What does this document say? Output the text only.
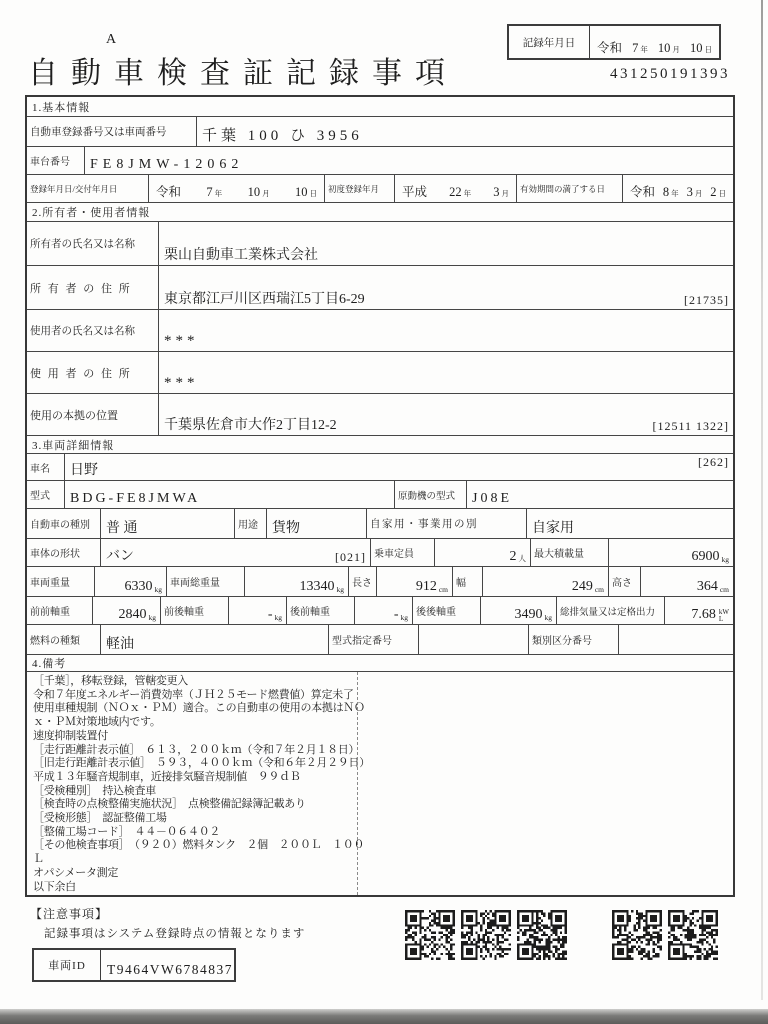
A
自動車検査証記録事項
記録年月日	令和 7 年 10 月 10 日
431250191393
1.基本情報
自動車登録番号又は車両番号	千葉 100 ひ 3956
車台番号	FE8JMW-12062
登録年月日/交付年月日	令和 7 年 10 月 10 日	初度登録年月	平成 22 年 3 月	有効期間の満了する日	令和 8 年 3 月 2 日
2.所有者・使用者情報
所有者の氏名又は名称
栗山自動車工業株式会社
所 有 者 の 住 所
東京都江戸川区西瑞江5丁目6-29	[21735]
使用者の氏名又は名称
***
使 用 者 の 住 所
***
使用の本拠の位置
千葉県佐倉市大作2丁目12-2	[12511 1322]
3.車両詳細情報
車名	日野
[262]
型式	BDG-FE8JMWA	原動機の型式	J08E
自動車の種別	普 通	用途	貨物	自家用・事業用の別	自家用
車体の形状	バン	[021] 乗車定員	2 人 最大積載量	6900 kg
車両重量	6330 kg 車両総重量	13340 kg 長さ	912 cm 幅	249 cm 高さ	364 cm
前前軸重	2840 kg 前後軸重	- kg 後前軸重	- kg 後後軸重	3490 kg 総排気量又は定格出力	7.68 kW
L
燃料の種類	軽油	型式指定番号	類別区分番号
4.備考
［千葉］，移転登録，管轄変更入
令和７年度エネルギー消費効率（ＪＨ２５モード燃費値）算定未了
使用車種規制（ＮＯｘ・ＰＭ）適合。この自動車の使用の本拠はＮＯ
ｘ・ＰＭ対策地域内です。
速度抑制装置付
［走行距離計表示値］　６１３，２００ｋｍ（令和７年２月１８日）
［旧走行距離計表示値］　５９３，４００ｋｍ（令和６年２月２９日）
平成１３年騒音規制車，近接排気騒音規制値　９９ｄＢ
［受検種別］　持込検査車
［検査時の点検整備実施状況］　点検整備記録簿記載あり
［受検形態］　認証整備工場
［整備工場コード］　４４－０６４０２
［その他検査事項］　（９２０）燃料タンク　２個　２００Ｌ　１００
Ｌ
オパシメータ測定
以下余白
【注意事項】
記録事項はシステム登録時点の情報となります
車両ID	T9464VW6784837
